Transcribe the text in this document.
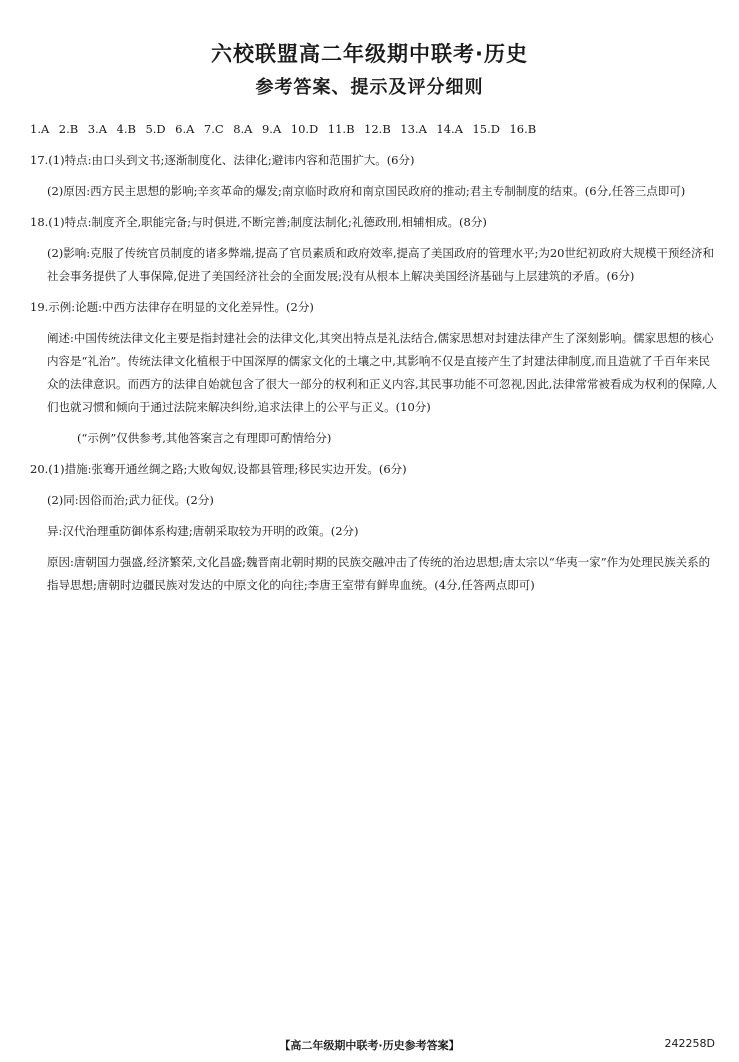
六校联盟高二年级期中联考·历史
参考答案、提示及评分细则
1.A 2.B 3.A 4.B 5.D 6.A 7.C 8.A 9.A 10.D 11.B 12.B 13.A 14.A 15.D 16.B

17.(1)特点:由口头到文书;逐渐制度化、法律化;避讳内容和范围扩大。(6分)

(2)原因:西方民主思想的影响;辛亥革命的爆发;南京临时政府和南京国民政府的推动;君主专制制度的结束。(6分,任答三点即可)

18.(1)特点:制度齐全,职能完备;与时俱进,不断完善;制度法制化;礼德政刑,相辅相成。(8分)

(2)影响:克服了传统官员制度的诸多弊端,提高了官员素质和政府效率,提高了美国政府的管理水平;为20世纪初政府大规模干预经济和社会事务提供了人事保障,促进了美国经济社会的全面发展;没有从根本上解决美国经济基础与上层建筑的矛盾。(6分)

19.示例:论题:中西方法律存在明显的文化差异性。(2分)

阐述:中国传统法律文化主要是指封建社会的法律文化,其突出特点是礼法结合,儒家思想对封建法律产生了深刻影响。儒家思想的核心内容是“礼治”。传统法律文化植根于中国深厚的儒家文化的土壤之中,其影响不仅是直接产生了封建法律制度,而且造就了千百年来民众的法律意识。而西方的法律自始就包含了很大一部分的权利和正义内容,其民事功能不可忽视,因此,法律常常被看成为权利的保障,人们也就习惯和倾向于通过法院来解决纠纷,追求法律上的公平与正义。(10分)

(“示例”仅供参考,其他答案言之有理即可酌情给分)

20.(1)措施:张骞开通丝绸之路;大败匈奴,设都县管理;移民实边开发。(6分)

(2)同:因俗而治;武力征伐。(2分)

异:汉代治理重防御体系构建;唐朝采取较为开明的政策。(2分)

原因:唐朝国力强盛,经济繁荣,文化昌盛;魏晋南北朝时期的民族交融冲击了传统的治边思想;唐太宗以“华夷一家”作为处理民族关系的指导思想;唐朝时边疆民族对发达的中原文化的向往;李唐王室带有鲜卑血统。(4分,任答两点即可)

【高二年级期中联考·历史参考答案】	242258D
